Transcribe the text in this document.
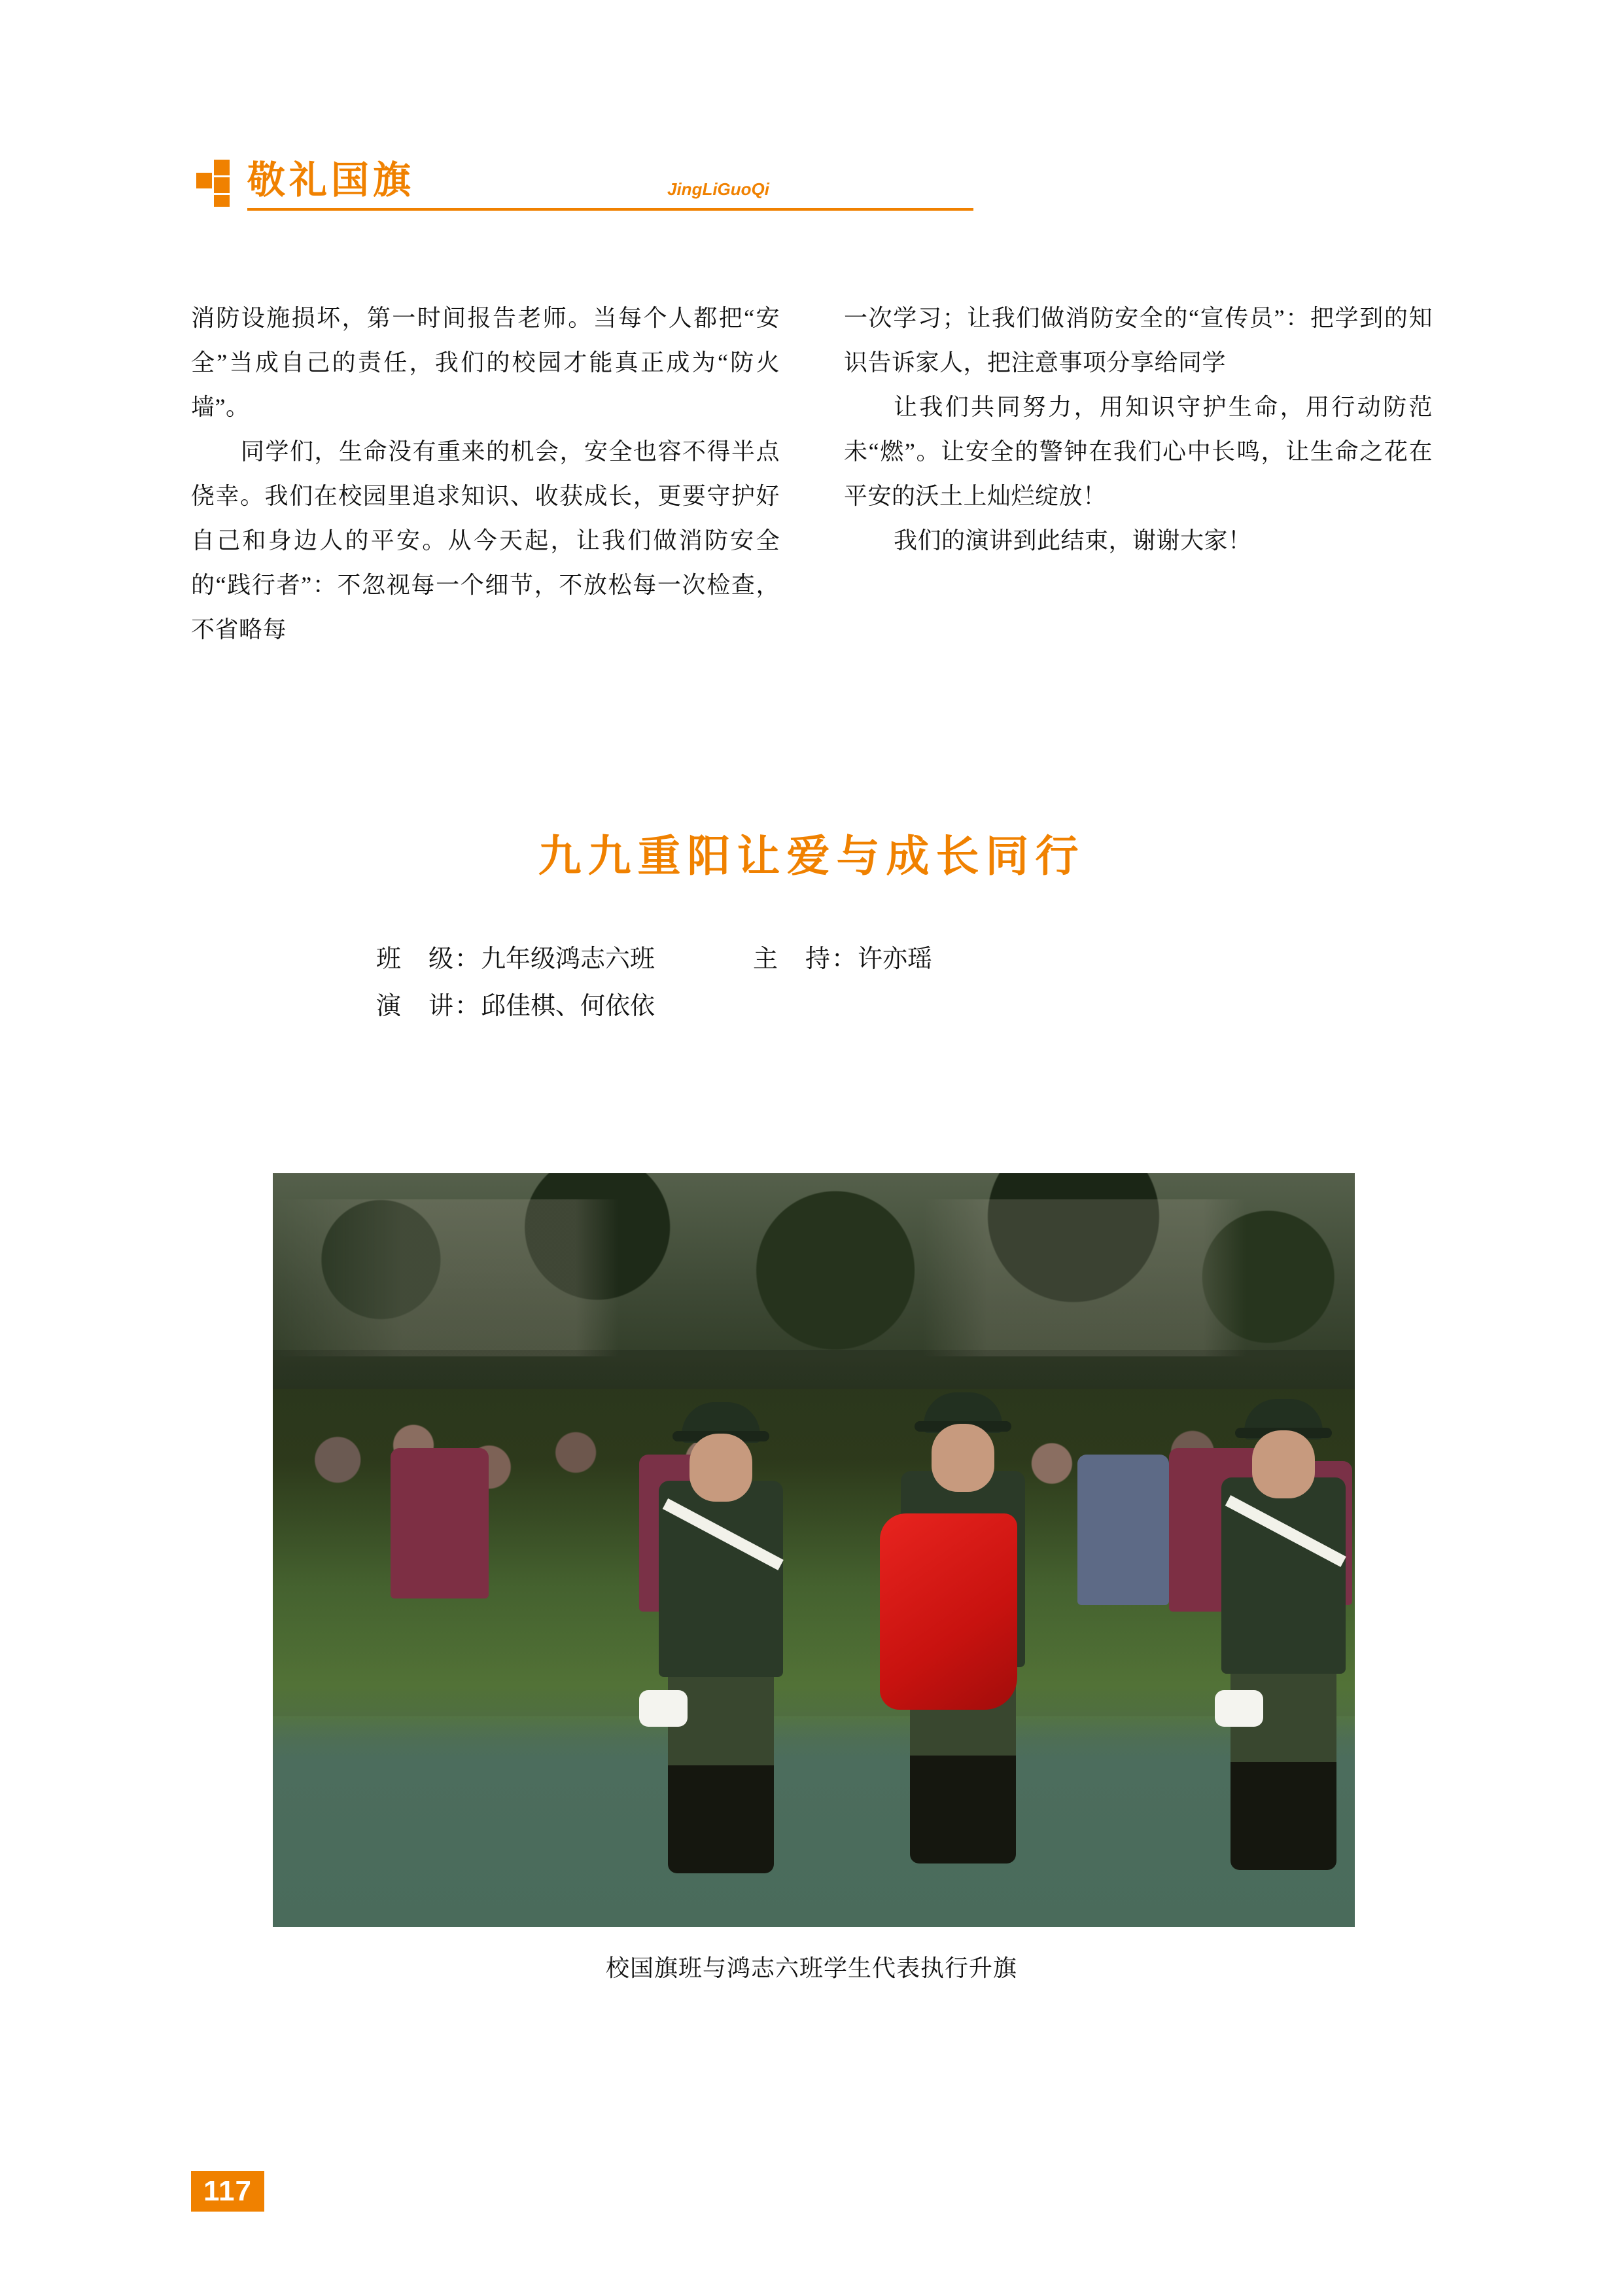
敬礼国旗	JingLiGuoQi

消防设施损坏，第一时间报告老师。当每个人都把“安全”当成自己的责任，我们的校园才能真正成为“防火墙”。

同学们，生命没有重来的机会，安全也容不得半点侥幸。我们在校园里追求知识、收获成长，更要守护好自己和身边人的平安。从今天起，让我们做消防安全的“践行者”：不忽视每一个细节，不放松每一次检查，不省略每

一次学习；让我们做消防安全的“宣传员”：把学到的知识告诉家人，把注意事项分享给同学

让我们共同努力，用知识守护生命，用行动防范未“燃”。让安全的警钟在我们心中长鸣，让生命之花在平安的沃土上灿烂绽放！

我们的演讲到此结束，谢谢大家！

九九重阳让爱与成长同行
班　级： 九年级鸿志六班	主　持： 许亦瑶
演　讲： 邱佳棋、何依依
校国旗班与鸿志六班学生代表执行升旗
117
